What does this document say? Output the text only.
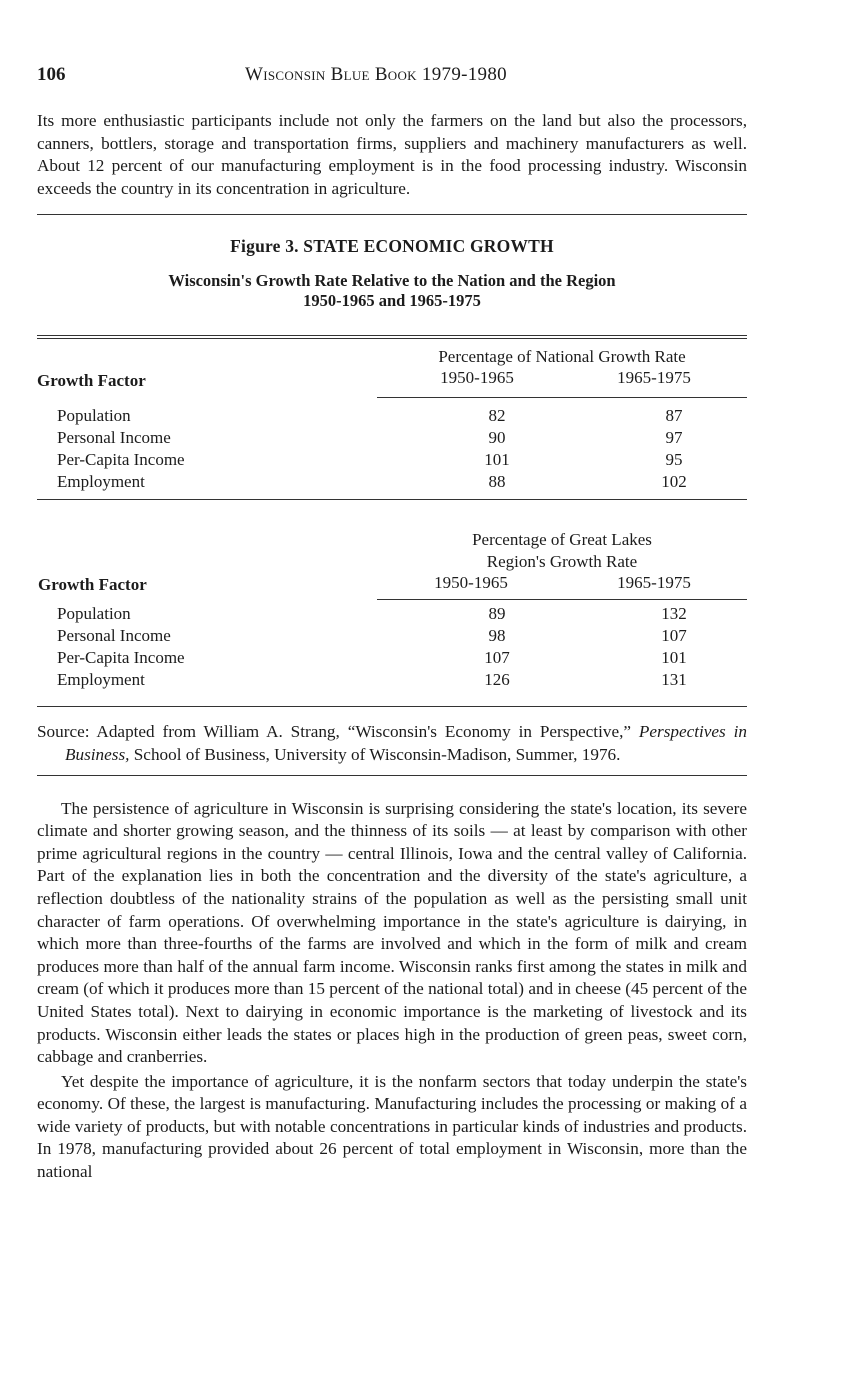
106	Wisconsin Blue Book 1979-1980

Its more enthusiastic participants include not only the farmers on the land but also the processors, canners, bottlers, storage and transportation firms, suppliers and machinery manufacturers as well. About 12 percent of our manufacturing employment is in the food processing industry. Wisconsin exceeds the country in its concentration in agriculture.

Figure 3. STATE ECONOMIC GROWTH
Wisconsin's Growth Rate Relative to the Nation and the Region
1950-1965 and 1965-1975
Percentage of National Growth Rate
Growth Factor	1950-1965	1965-1975
Population .....	82	87
Personal Income .....	90	97
Per-Capita Income .....	101	95
Employment .....	88	102
Percentage of Great Lakes
Region's Growth Rate
Growth Factor	1950-1965	1965-1975
Population .....	89	132
Personal Income .....	98	107
Per-Capita Income .....	107	101
Employment .....	126	131
Source: Adapted from William A. Strang, “Wisconsin's Economy in Perspective,” Perspectives in Business, School of Business, University of Wisconsin-Madison, Summer, 1976.

The persistence of agriculture in Wisconsin is surprising considering the state's location, its severe climate and shorter growing season, and the thinness of its soils — at least by comparison with other prime agricultural regions in the country — central Illinois, Iowa and the central valley of California. Part of the explanation lies in both the concentration and the diversity of the state's agriculture, a reflection doubtless of the nationality strains of the population as well as the persisting small unit character of farm operations. Of overwhelming importance in the state's agriculture is dairying, in which more than three-fourths of the farms are involved and which in the form of milk and cream produces more than half of the annual farm income. Wisconsin ranks first among the states in milk and cream (of which it produces more than 15 percent of the national total) and in cheese (45 percent of the United States total). Next to dairying in economic importance is the marketing of livestock and its products. Wisconsin either leads the states or places high in the production of green peas, sweet corn, cabbage and cranberries.

Yet despite the importance of agriculture, it is the nonfarm sectors that today underpin the state's economy. Of these, the largest is manufacturing. Manufacturing includes the processing or making of a wide variety of products, but with notable concentrations in particular kinds of industries and products. In 1978, manufacturing provided about 26 percent of total employment in Wisconsin, more than the national
